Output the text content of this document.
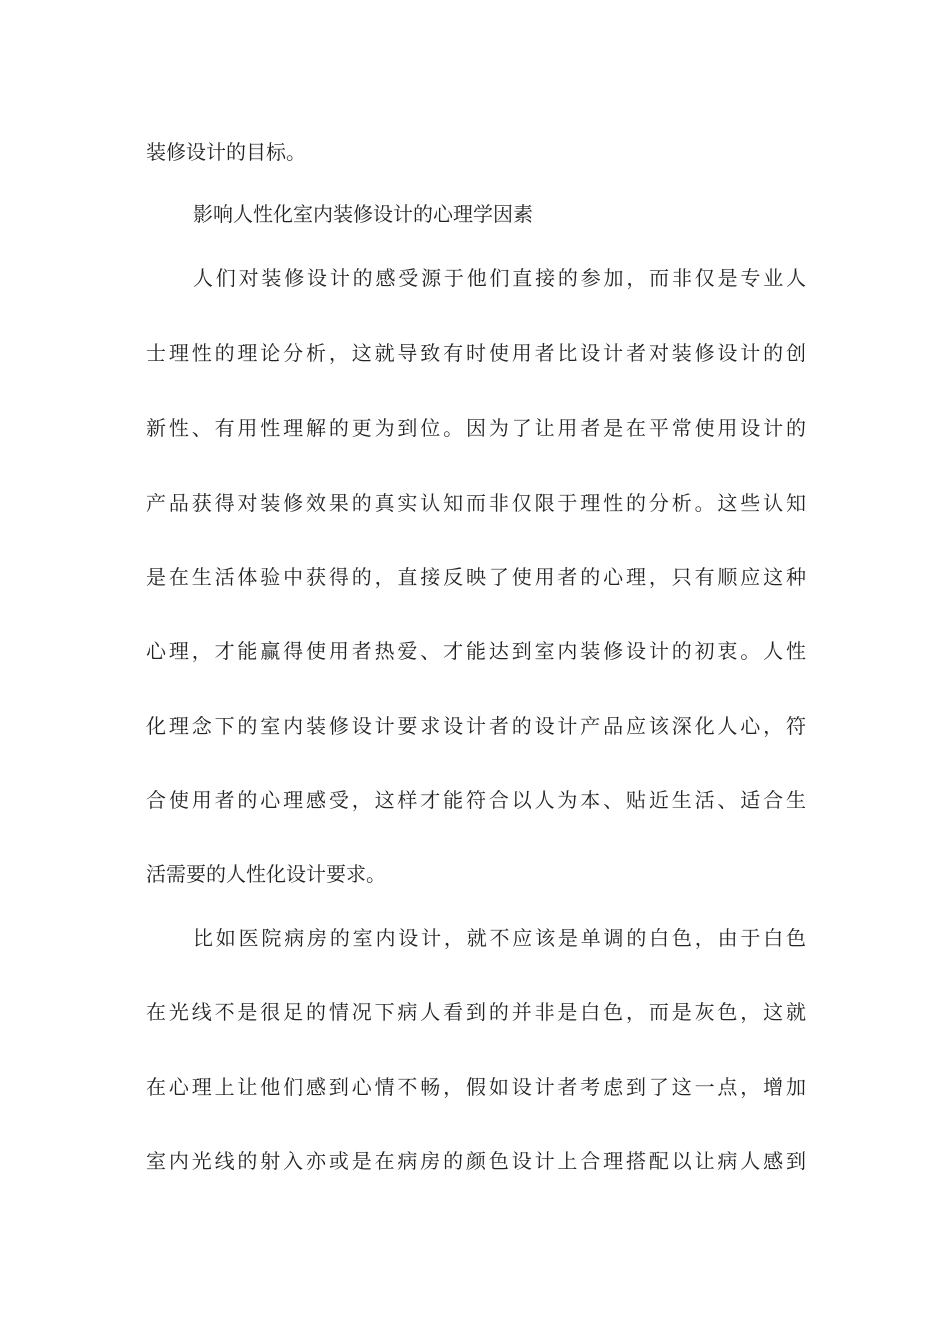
装修设计的目标。
影响人性化室内装修设计的心理学因素
人们对装修设计的感受源于他们直接的参加，而非仅是专业人
士理性的理论分析，这就导致有时使用者比设计者对装修设计的创
新性、有用性理解的更为到位。因为了让用者是在平常使用设计的
产品获得对装修效果的真实认知而非仅限于理性的分析。这些认知
是在生活体验中获得的，直接反映了使用者的心理，只有顺应这种
心理，才能赢得使用者热爱、才能达到室内装修设计的初衷。人性
化理念下的室内装修设计要求设计者的设计产品应该深化人心，符
合使用者的心理感受，这样才能符合以人为本、贴近生活、适合生
活需要的人性化设计要求。
比如医院病房的室内设计，就不应该是单调的白色，由于白色
在光线不是很足的情况下病人看到的并非是白色，而是灰色，这就
在心理上让他们感到心情不畅，假如设计者考虑到了这一点，增加
室内光线的射入亦或是在病房的颜色设计上合理搭配以让病人感到
